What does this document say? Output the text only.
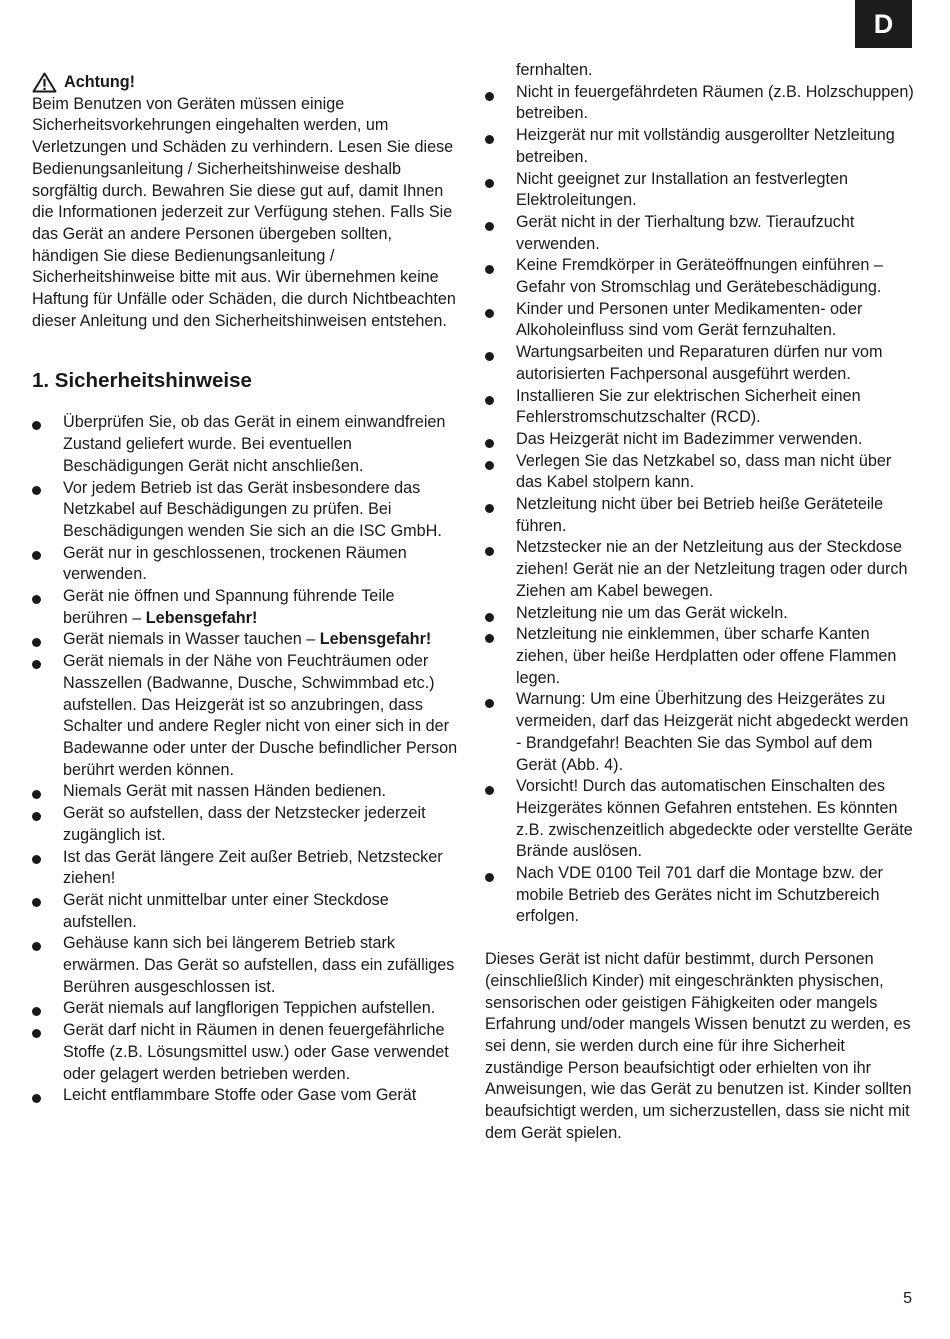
D
Achtung!

Beim Benutzen von Geräten müssen einige Sicherheitsvorkehrungen eingehalten werden, um Verletzungen und Schäden zu verhindern. Lesen Sie diese Bedienungsanleitung / Sicherheitshinweise deshalb sorgfältig durch. Bewahren Sie diese gut auf, damit Ihnen die Informationen jederzeit zur Verfügung stehen. Falls Sie das Gerät an andere Personen übergeben sollten, händigen Sie diese Bedienungsanleitung / Sicherheitshinweise bitte mit aus. Wir übernehmen keine Haftung für Unfälle oder Schäden, die durch Nichtbeachten dieser Anleitung und den Sicherheitshinweisen entstehen.

1. Sicherheitshinweise
Überprüfen Sie, ob das Gerät in einem einwandfreien Zustand geliefert wurde. Bei eventuellen Beschädigungen Gerät nicht anschließen.
Vor jedem Betrieb ist das Gerät insbesondere das Netzkabel auf Beschädigungen zu prüfen. Bei Beschädigungen wenden Sie sich an die ISC GmbH.
Gerät nur in geschlossenen, trockenen Räumen verwenden.
Gerät nie öffnen und Spannung führende Teile berühren – Lebensgefahr!
Gerät niemals in Wasser tauchen – Lebensgefahr!
Gerät niemals in der Nähe von Feuchträumen oder Nasszellen (Badwanne, Dusche, Schwimmbad etc.) aufstellen. Das Heizgerät ist so anzubringen, dass Schalter und andere Regler nicht von einer sich in der Badewanne oder unter der Dusche befindlicher Person berührt werden können.
Niemals Gerät mit nassen Händen bedienen.
Gerät so aufstellen, dass der Netzstecker jederzeit zugänglich ist.
Ist das Gerät längere Zeit außer Betrieb, Netzstecker ziehen!
Gerät nicht unmittelbar unter einer Steckdose aufstellen.
Gehäuse kann sich bei längerem Betrieb stark erwärmen. Das Gerät so aufstellen, dass ein zufälliges Berühren ausgeschlossen ist.
Gerät niemals auf langflorigen Teppichen aufstellen.
Gerät darf nicht in Räumen in denen feuergefährliche Stoffe (z.B. Lösungsmittel usw.) oder Gase verwendet oder gelagert werden betrieben werden.
Leicht entflammbare Stoffe oder Gase vom Gerät
fernhalten.
Nicht in feuergefährdeten Räumen (z.B. Holzschuppen) betreiben.
Heizgerät nur mit vollständig ausgerollter Netzleitung betreiben.
Nicht geeignet zur Installation an festverlegten Elektroleitungen.
Gerät nicht in der Tierhaltung bzw. Tieraufzucht verwenden.
Keine Fremdkörper in Geräteöffnungen einführen – Gefahr von Stromschlag und Gerätebeschädigung.
Kinder und Personen unter Medikamenten- oder Alkoholeinfluss sind vom Gerät fernzuhalten.
Wartungsarbeiten und Reparaturen dürfen nur vom autorisierten Fachpersonal ausgeführt werden.
Installieren Sie zur elektrischen Sicherheit einen Fehlerstromschutzschalter (RCD).
Das Heizgerät nicht im Badezimmer verwenden.
Verlegen Sie das Netzkabel so, dass man nicht über das Kabel stolpern kann.
Netzleitung nicht über bei Betrieb heiße Geräteteile führen.
Netzstecker nie an der Netzleitung aus der Steckdose ziehen! Gerät nie an der Netzleitung tragen oder durch Ziehen am Kabel bewegen.
Netzleitung nie um das Gerät wickeln.
Netzleitung nie einklemmen, über scharfe Kanten ziehen, über heiße Herdplatten oder offene Flammen legen.
Warnung: Um eine Überhitzung des Heizgerätes zu vermeiden, darf das Heizgerät nicht abgedeckt werden - Brandgefahr! Beachten Sie das Symbol auf dem Gerät (Abb. 4).
Vorsicht! Durch das automatischen Einschalten des Heizgerätes können Gefahren entstehen. Es könnten z.B. zwischenzeitlich abgedeckte oder verstellte Geräte Brände auslösen.
Nach VDE 0100 Teil 701 darf die Montage bzw. der mobile Betrieb des Gerätes nicht im Schutzbereich erfolgen.

Dieses Gerät ist nicht dafür bestimmt, durch Personen (einschließlich Kinder) mit eingeschränkten physischen, sensorischen oder geistigen Fähigkeiten oder mangels Erfahrung und/oder mangels Wissen benutzt zu werden, es sei denn, sie werden durch eine für ihre Sicherheit zuständige Person beaufsichtigt oder erhielten von ihr Anweisungen, wie das Gerät zu benutzen ist. Kinder sollten beaufsichtigt werden, um sicherzustellen, dass sie nicht mit dem Gerät spielen.

5
